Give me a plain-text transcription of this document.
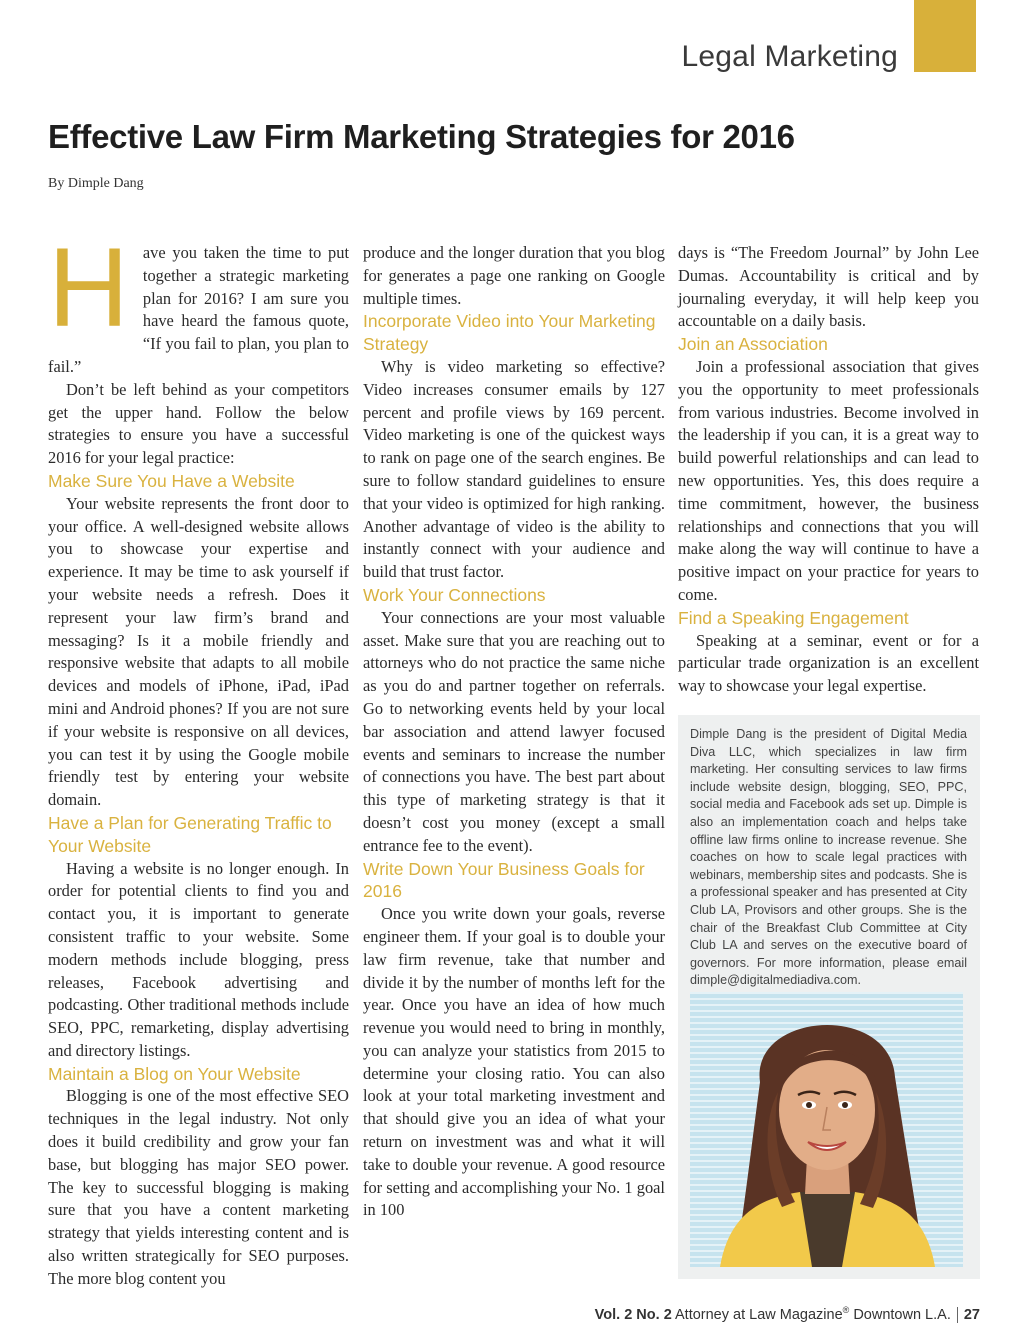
Legal Marketing
Effective Law Firm Marketing Strategies for 2016
By Dimple Dang
H ave you taken the time to put together a strategic marketing plan for 2016? I am sure you have heard the famous quote, “If you fail to plan, you plan to fail.”

Don’t be left behind as your competitors get the upper hand. Follow the below strategies to ensure you have a successful 2016 for your legal practice:

Make Sure You Have a Website

Your website represents the front door to your office. A well-designed website allows you to showcase your expertise and experience. It may be time to ask yourself if your website needs a refresh. Does it represent your law firm’s brand and messaging? Is it a mobile friendly and responsive website that adapts to all mobile devices and models of iPhone, iPad, iPad mini and Android phones? If you are not sure if your website is responsive on all devices, you can test it by using the Google mobile friendly test by entering your website domain.

Have a Plan for Generating Traffic to Your Website

Having a website is no longer enough. In order for potential clients to find you and contact you, it is important to generate consistent traffic to your website. Some modern methods include blogging, press releases, Facebook advertising and podcasting. Other traditional methods include SEO, PPC, remarketing, display advertising and directory listings.

Maintain a Blog on Your Website

Blogging is one of the most effective SEO techniques in the legal industry. Not only does it build credibility and grow your fan base, but blogging has major SEO power. The key to successful blogging is making sure that you have a content marketing strategy that yields interesting content and is also written strategically for SEO purposes. The more blog content you

produce and the longer duration that you blog for generates a page one ranking on Google multiple times.

Incorporate Video into Your Marketing Strategy

Why is video marketing so effective? Video increases consumer emails by 127 percent and profile views by 169 percent. Video marketing is one of the quickest ways to rank on page one of the search engines. Be sure to follow standard guidelines to ensure that your video is optimized for high ranking. Another advantage of video is the ability to instantly connect with your audience and build that trust factor.

Work Your Connections

Your connections are your most valuable asset. Make sure that you are reaching out to attorneys who do not practice the same niche as you do and partner together on referrals. Go to networking events held by your local bar association and attend lawyer focused events and seminars to increase the number of connections you have. The best part about this type of marketing strategy is that it doesn’t cost you money (except a small entrance fee to the event).

Write Down Your Business Goals for 2016

Once you write down your goals, reverse engineer them. If your goal is to double your law firm revenue, take that number and divide it by the number of months left for the year. Once you have an idea of how much revenue you would need to bring in monthly, you can analyze your statistics from 2015 to determine your closing ratio. You can also look at your total marketing investment and that should give you an idea of what your return on investment was and what it will take to double your revenue. A good resource for setting and accomplishing your No. 1 goal in 100

days is “The Freedom Journal” by John Lee Dumas. Accountability is critical and by journaling everyday, it will help keep you accountable on a daily basis.

Join an Association

Join a professional association that gives you the opportunity to meet professionals from various industries. Become involved in the leadership if you can, it is a great way to build powerful relationships and can lead to new opportunities. Yes, this does require a time commitment, however, the business relationships and connections that you will make along the way will continue to have a positive impact on your practice for years to come.

Find a Speaking Engagement

Speaking at a seminar, event or for a particular trade organization is an excellent way to showcase your legal expertise.

Dimple Dang is the president of Digital Media Diva LLC, which specializes in law firm marketing. Her consulting services to law firms include website design, blogging, SEO, PPC, social media and Facebook ads set up. Dimple is also an implementation coach and helps take offline law firms online to increase revenue. She coaches on how to scale legal practices with webinars, membership sites and podcasts. She is a professional speaker and has presented at City Club LA, Provisors and other groups. She is the chair of the Breakfast Club Committee at City Club LA and serves on the executive board of governors. For more information, please email dimple@digitalmediadiva.com.
Vol. 2 No. 2 Attorney at Law Magazine® Downtown L.A. 27
